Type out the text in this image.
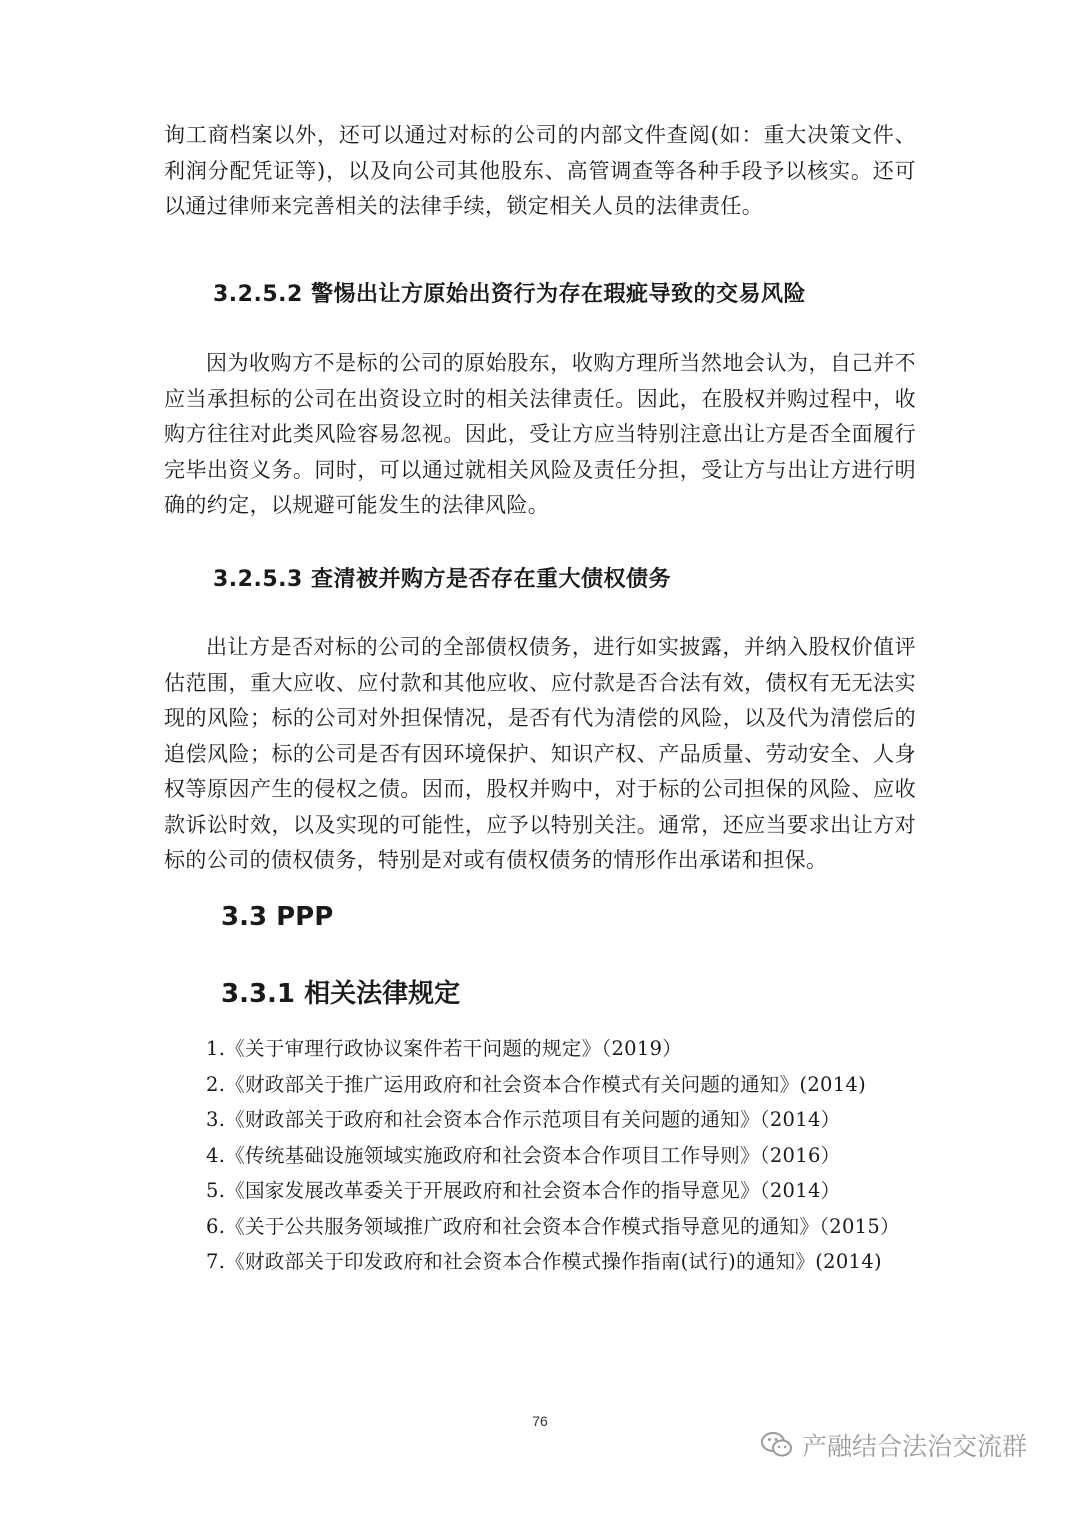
询工商档案以外，还可以通过对标的公司的内部文件查阅(如：重大决策文件、利润分配凭证等)，以及向公司其他股东、高管调查等各种手段予以核实。还可以通过律师来完善相关的法律手续，锁定相关人员的法律责任。

3.2.5.2 警惕出让方原始出资行为存在瑕疵导致的交易风险

因为收购方不是标的公司的原始股东，收购方理所当然地会认为，自己并不应当承担标的公司在出资设立时的相关法律责任。因此，在股权并购过程中，收购方往往对此类风险容易忽视。因此，受让方应当特别注意出让方是否全面履行完毕出资义务。同时，可以通过就相关风险及责任分担，受让方与出让方进行明确的约定，以规避可能发生的法律风险。

3.2.5.3 查清被并购方是否存在重大债权债务

出让方是否对标的公司的全部债权债务，进行如实披露，并纳入股权价值评估范围，重大应收、应付款和其他应收、应付款是否合法有效，债权有无无法实现的风险；标的公司对外担保情况，是否有代为清偿的风险，以及代为清偿后的追偿风险；标的公司是否有因环境保护、知识产权、产品质量、劳动安全、人身权等原因产生的侵权之债。因而，股权并购中，对于标的公司担保的风险、应收款诉讼时效，以及实现的可能性，应予以特别关注。通常，还应当要求出让方对标的公司的债权债务，特别是对或有债权债务的情形作出承诺和担保。

3.3 PPP
3.3.1 相关法律规定
1.《关于审理行政协议案件若干问题的规定》（2019）
2.《财政部关于推广运用政府和社会资本合作模式有关问题的通知》(2014)
3.《财政部关于政府和社会资本合作示范项目有关问题的通知》（2014）
4.《传统基础设施领域实施政府和社会资本合作项目工作导则》（2016）
5.《国家发展改革委关于开展政府和社会资本合作的指导意见》（2014）
6.《关于公共服务领域推广政府和社会资本合作模式指导意见的通知》（2015）
7.《财政部关于印发政府和社会资本合作模式操作指南(试行)的通知》(2014)
76
产融结合法治交流群
